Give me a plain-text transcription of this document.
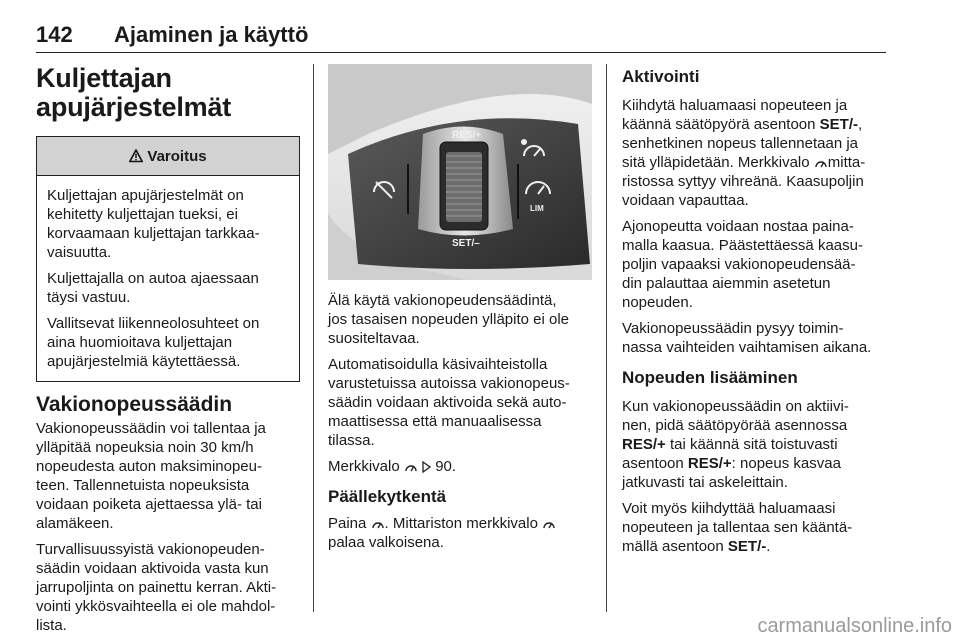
142 Ajaminen ja käyttö
Kuljettajan
apujärjestelmät
Varoitus

Kuljettajan apujärjestelmät on
kehitetty kuljettajan tueksi, ei
korvaamaan kuljettajan tarkkaa-
vaisuutta.

Kuljettajalla on autoa ajaessaan
täysi vastuu.

Vallitsevat liikenneolosuhteet on
aina huomioitava kuljettajan
apujärjestelmiä käytettäessä.

Vakionopeussäädin

Vakionopeussäädin voi tallentaa ja
ylläpitää nopeuksia noin 30 km/h
nopeudesta auton maksiminopeu-
teen. Tallennetuista nopeuksista
voidaan poiketa ajettaessa ylä- tai
alamäkeen.

Turvallisuussyistä vakionopeuden-
säädin voidaan aktivoida vasta kun
jarrupoljinta on painettu kerran. Akti-
vointi ykkösvaihteella ei ole mahdol-
lista.

RES/+
SET/–
LIM

Älä käytä vakionopeudensäädintä,
jos tasaisen nopeuden ylläpito ei ole
suositeltavaa.

Automatisoidulla käsivaihteistolla
varustetuissa autoissa vakionopeus-
säädin voidaan aktivoida sekä auto-
maattisessa että manuaalisessa
tilassa.

Merkkivalo 90.

Päällekytkentä

Paina . Mittariston merkkivalo
palaa valkoisena.

Aktivointi

Kiihdytä haluamaasi nopeuteen ja
käännä säätöpyörä asentoon SET/-,
senhetkinen nopeus tallennetaan ja
sitä ylläpidetään. Merkkivalo mitta-
ristossa syttyy vihreänä. Kaasupoljin
voidaan vapauttaa.

Ajonopeutta voidaan nostaa paina-
malla kaasua. Päästettäessä kaasu-
poljin vapaaksi vakionopeudensää-
din palauttaa aiemmin asetetun
nopeuden.

Vakionopeussäädin pysyy toimin-
nassa vaihteiden vaihtamisen aikana.

Nopeuden lisääminen

Kun vakionopeussäädin on aktiivi-
nen, pidä säätöpyörää asennossa
RES/+ tai käännä sitä toistuvasti
asentoon RES/+: nopeus kasvaa
jatkuvasti tai askeleittain.

Voit myös kiihdyttää haluamaasi
nopeuteen ja tallentaa sen kääntä-
mällä asentoon SET/-.

carmanualsonline.info
